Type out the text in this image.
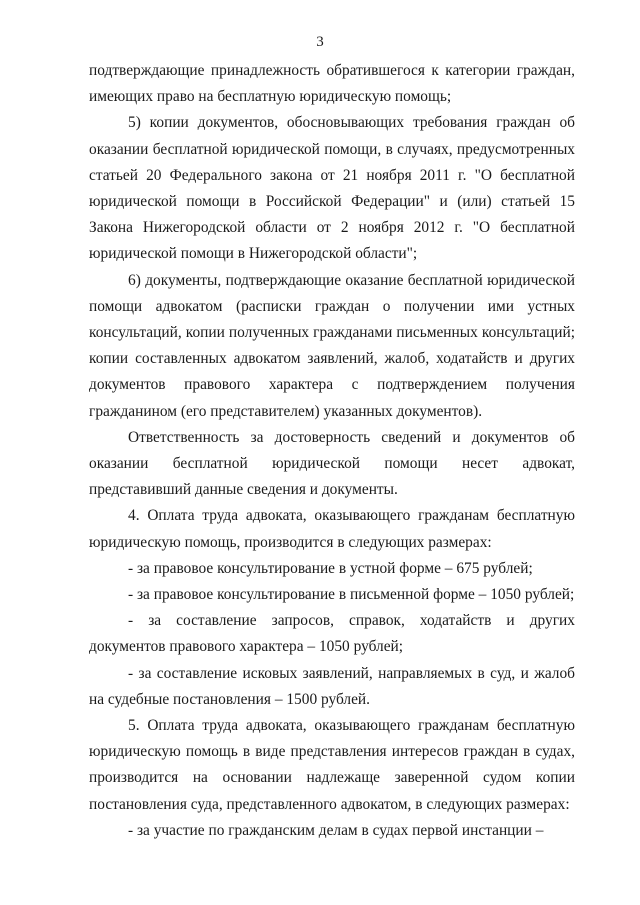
3

подтверждающие принадлежность обратившегося к категории граждан, имеющих право на бесплатную юридическую помощь;

5) копии документов, обосновывающих требования граждан об оказании бесплатной юридической помощи, в случаях, предусмотренных статьей 20 Федерального закона от 21 ноября 2011 г. "О бесплатной юридической помощи в Российской Федерации" и (или) статьей 15 Закона Нижегородской области от 2 ноября 2012 г. "О бесплатной юридической помощи в Нижегородской области";

6) документы, подтверждающие оказание бесплатной юридической помощи адвокатом (расписки граждан о получении ими устных консультаций, копии полученных гражданами письменных консультаций; копии составленных адвокатом заявлений, жалоб, ходатайств и других документов правового характера с подтверждением получения гражданином (его представителем) указанных документов).

Ответственность за достоверность сведений и документов об оказании бесплатной юридической помощи несет адвокат, представивший данные сведения и документы.

4. Оплата труда адвоката, оказывающего гражданам бесплатную юридическую помощь, производится в следующих размерах:

- за правовое консультирование в устной форме – 675 рублей;

- за правовое консультирование в письменной форме – 1050 рублей;

- за составление запросов, справок, ходатайств и других документов правового характера – 1050 рублей;

- за составление исковых заявлений, направляемых в суд, и жалоб на судебные постановления – 1500 рублей.

5. Оплата труда адвоката, оказывающего гражданам бесплатную юридическую помощь в виде представления интересов граждан в судах, производится на основании надлежаще заверенной судом копии постановления суда, представленного адвокатом, в следующих размерах:

- за участие по гражданским делам в судах первой инстанции –
